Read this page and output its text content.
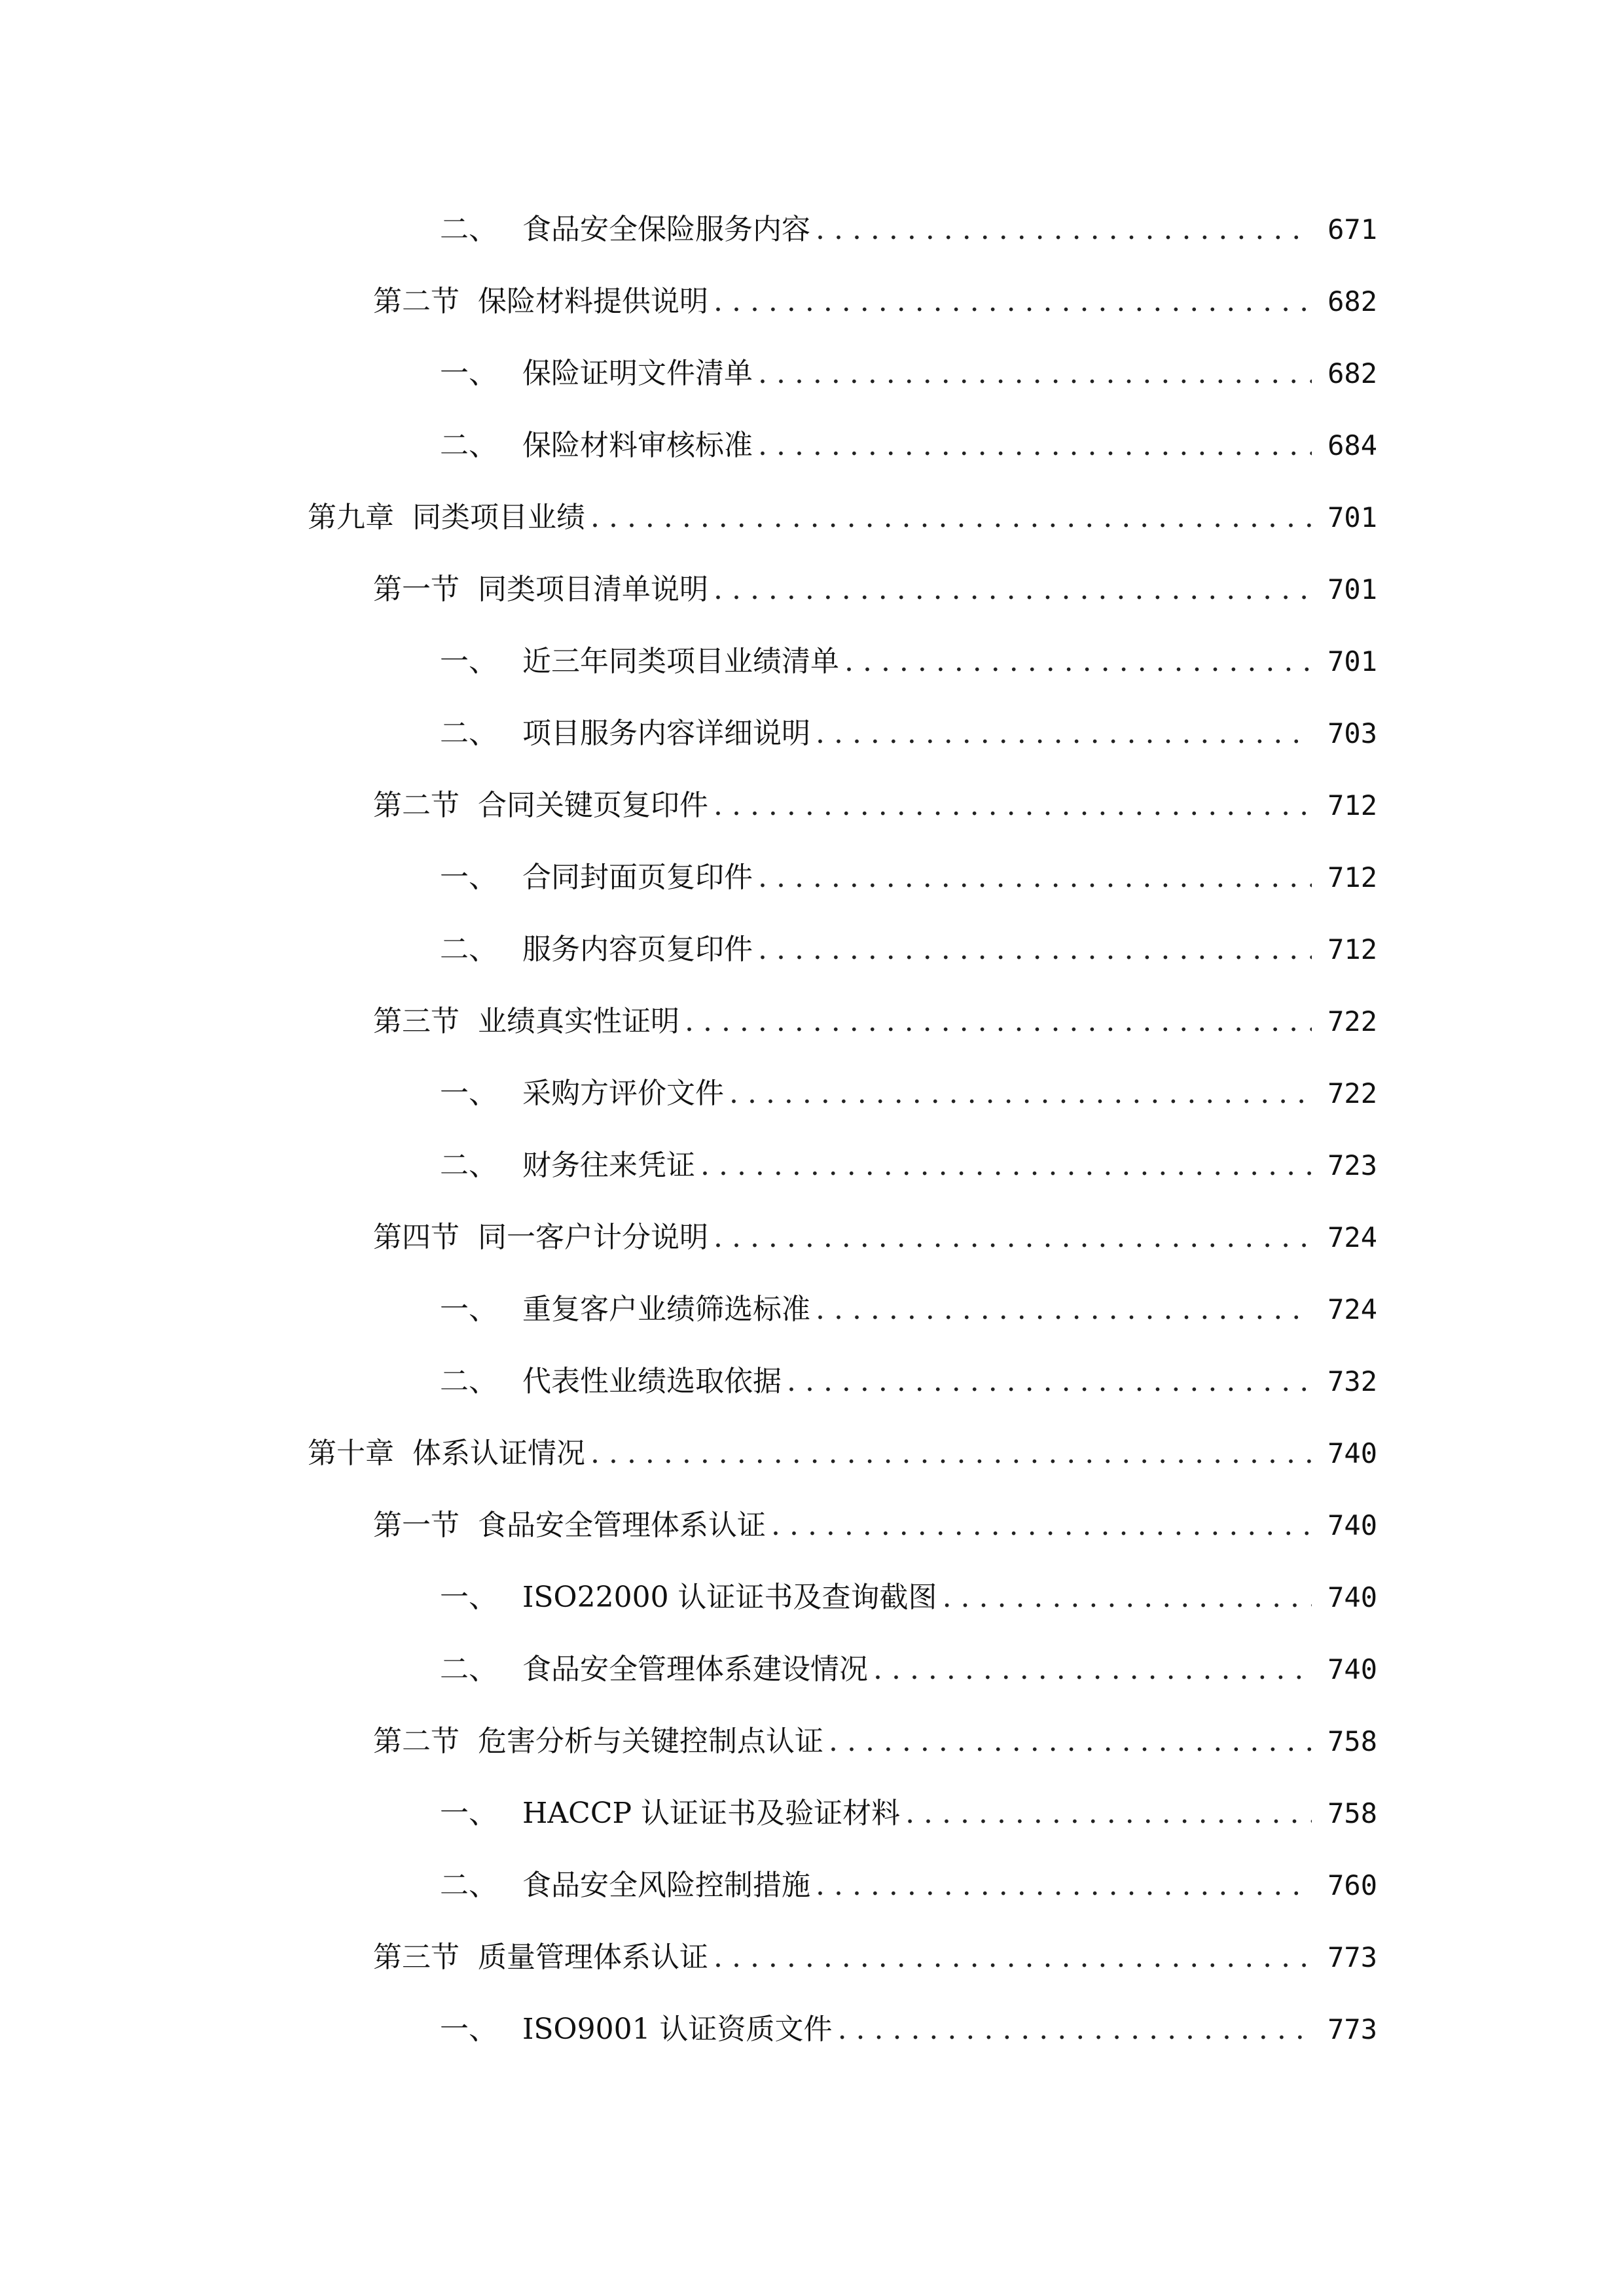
二、 食品安全保险服务内容 . . .	671
第二节 保险材料提供说明 . . .	682
一、 保险证明文件清单 . . .	682
二、 保险材料审核标准 . . .	684
第九章 同类项目业绩 . . .	701
第一节 同类项目清单说明 . . .	701
一、 近三年同类项目业绩清单 . . .	701
二、 项目服务内容详细说明 . . .	703
第二节 合同关键页复印件 . . .	712
一、 合同封面页复印件 . . .	712
二、 服务内容页复印件 . . .	712
第三节 业绩真实性证明 . . .	722
一、 采购方评价文件 . . .	722
二、 财务往来凭证 . . .	723
第四节 同一客户计分说明 . . .	724
一、 重复客户业绩筛选标准 . . .	724
二、 代表性业绩选取依据 . . .	732
第十章 体系认证情况 . . .	740
第一节 食品安全管理体系认证 . . .	740
一、 ISO22000 认证证书及查询截图 . . .	740
二、 食品安全管理体系建设情况 . . .	740
第二节 危害分析与关键控制点认证 . . .	758
一、 HACCP 认证证书及验证材料 . . .	758
二、 食品安全风险控制措施 . . .	760
第三节 质量管理体系认证 . . .	773
一、 ISO9001 认证资质文件 . . .	773
